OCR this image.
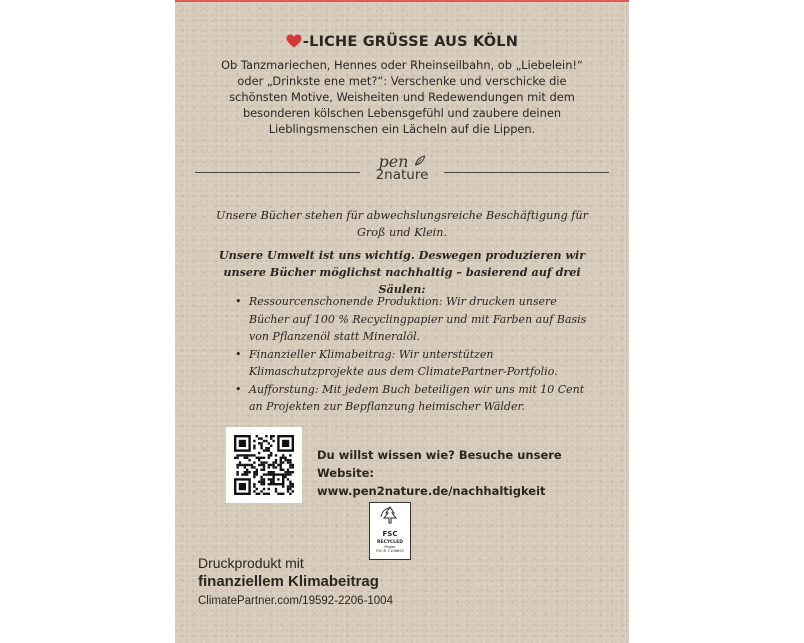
-LICHE GRÜSSE AUS KÖLN
Ob Tanzmariechen, Hennes oder Rheinseilbahn, ob „Liebelein!“ oder „Drinkste ene met?“: Verschenke und verschicke die schönsten Motive, Weisheiten und Redewendungen mit dem besonderen kölschen Lebensgefühl und zaubere deinen Lieblingsmenschen ein Lächeln auf die Lippen.
pen
2nature
Unsere Bücher stehen für abwechslungsreiche Beschäftigung für Groß und Klein.
Unsere Umwelt ist uns wichtig. Deswegen produzieren wir unsere Bücher möglichst nachhaltig – basierend auf drei Säulen:
• Ressourcenschonende Produktion: Wir drucken unsere Bücher auf 100 % Recyclingpapier und mit Farben auf Basis von Pflanzenöl statt Mineralöl.
• Finanzieller Klimabeitrag: Wir unterstützen Klimaschutzprojekte aus dem ClimatePartner-Portfolio.
• Aufforstung: Mit jedem Buch beteiligen wir uns mit 10 Cent an Projekten zur Bepflanzung heimischer Wälder.
Du willst wissen wie? Besuche unsere Website:
www.pen2nature.de/nachhaltigkeit
FSC
RECYCLED
Papier
FSC® C106692
Druckprodukt mit
finanziellem Klimabeitrag
ClimatePartner.com/19592-2206-1004
